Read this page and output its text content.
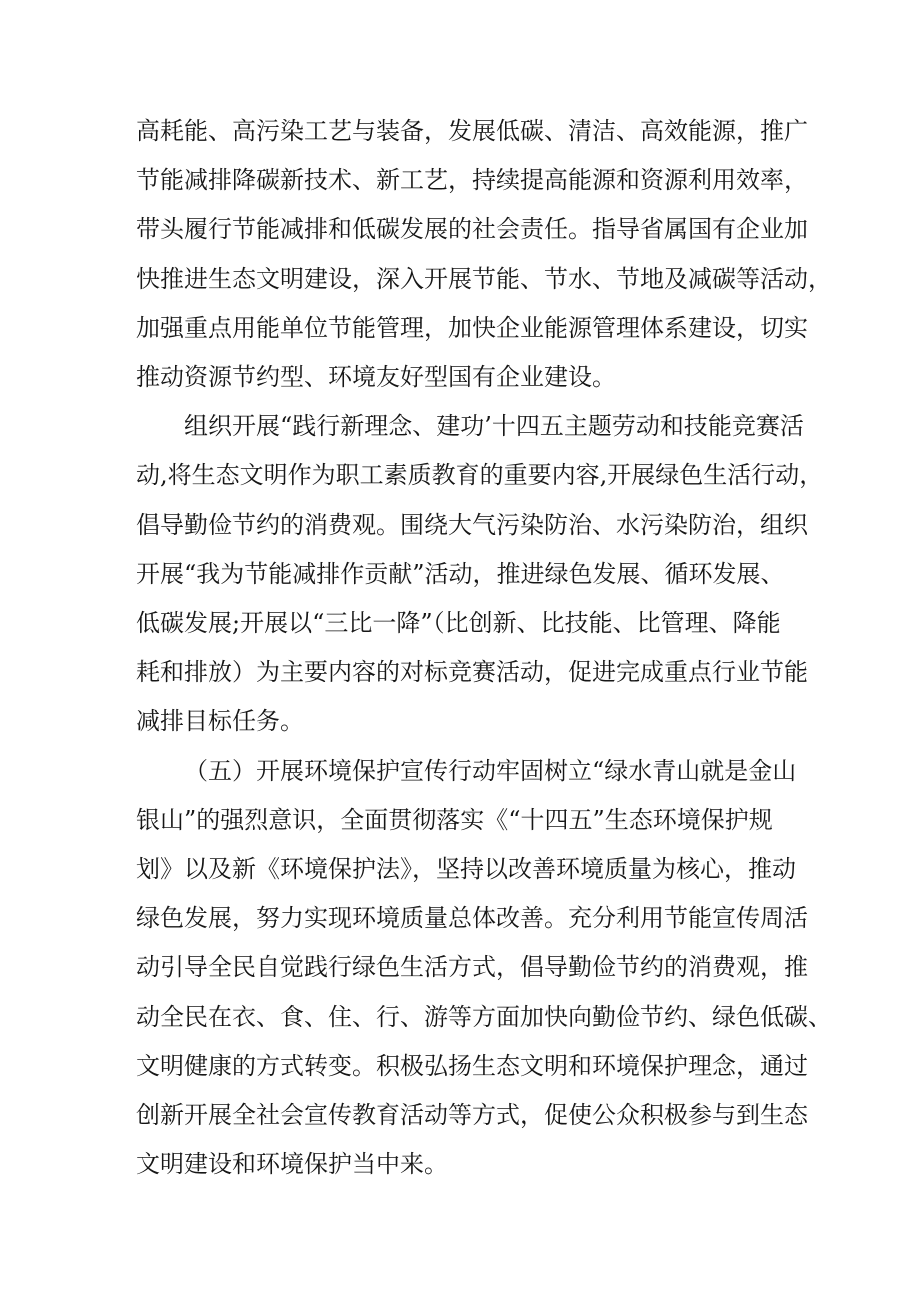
高耗能、高污染工艺与装备，发展低碳、清洁、高效能源，推广
节能减排降碳新技术、新工艺，持续提高能源和资源利用效率，
带头履行节能减排和低碳发展的社会责任。指导省属国有企业加
快推进生态文明建设，深入开展节能、节水、节地及减碳等活动，
加强重点用能单位节能管理，加快企业能源管理体系建设，切实
推动资源节约型、环境友好型国有企业建设。

组织开展“践行新理念、建功’十四五主题劳动和技能竞赛活
动,将生态文明作为职工素质教育的重要内容,开展绿色生活行动，
倡导勤俭节约的消费观。围绕大气污染防治、水污染防治，组织
开展“我为节能减排作贡献”活动，推进绿色发展、循环发展、
低碳发展;开展以“三比一降”（比创新、比技能、比管理、降能
耗和排放）为主要内容的对标竞赛活动，促进完成重点行业节能
减排目标任务。

（五）开展环境保护宣传行动牢固树立“绿水青山就是金山
银山”的强烈意识，全面贯彻落实《“十四五”生态环境保护规
划》以及新《环境保护法》，坚持以改善环境质量为核心，推动
绿色发展，努力实现环境质量总体改善。充分利用节能宣传周活
动引导全民自觉践行绿色生活方式，倡导勤俭节约的消费观，推
动全民在衣、食、住、行、游等方面加快向勤俭节约、绿色低碳、
文明健康的方式转变。积极弘扬生态文明和环境保护理念，通过
创新开展全社会宣传教育活动等方式，促使公众积极参与到生态
文明建设和环境保护当中来。
